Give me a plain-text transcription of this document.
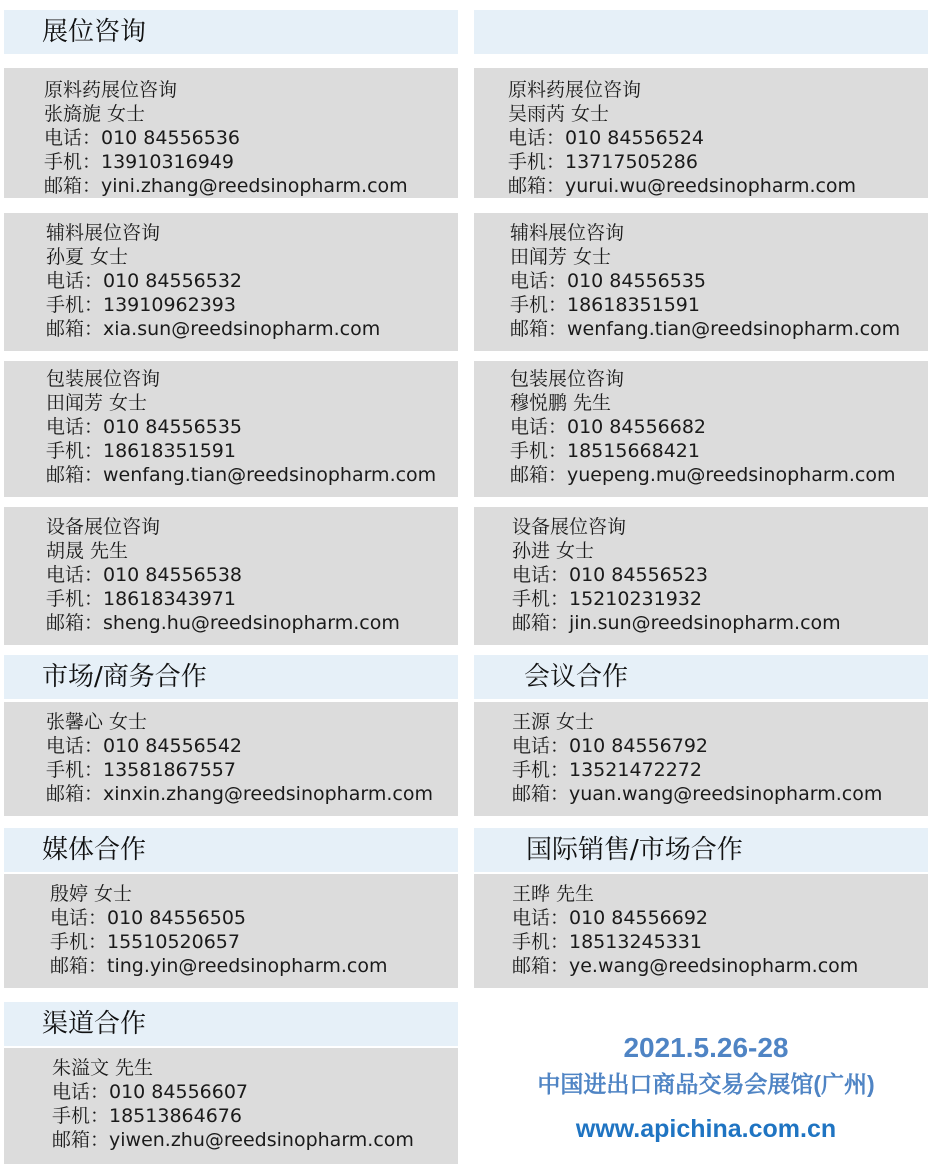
展位咨询
原料药展位咨询
张旖旎 女士
电话：010 84556536
手机：13910316949
邮箱：yini.zhang@reedsinopharm.com
辅料展位咨询
孙夏 女士
电话：010 84556532
手机：13910962393
邮箱：xia.sun@reedsinopharm.com
包装展位咨询
田闻芳 女士
电话：010 84556535
手机：18618351591
邮箱：wenfang.tian@reedsinopharm.com
设备展位咨询
胡晟 先生
电话：010 84556538
手机：18618343971
邮箱：sheng.hu@reedsinopharm.com
原料药展位咨询
吴雨芮 女士
电话：010 84556524
手机：13717505286
邮箱：yurui.wu@reedsinopharm.com
辅料展位咨询
田闻芳 女士
电话：010 84556535
手机：18618351591
邮箱：wenfang.tian@reedsinopharm.com
包装展位咨询
穆悦鹏 先生
电话：010 84556682
手机：18515668421
邮箱：yuepeng.mu@reedsinopharm.com
设备展位咨询
孙进 女士
电话：010 84556523
手机：15210231932
邮箱：jin.sun@reedsinopharm.com
市场/商务合作	会议合作
张馨心 女士
电话：010 84556542
手机：13581867557
邮箱：xinxin.zhang@reedsinopharm.com
王源 女士
电话：010 84556792
手机：13521472272
邮箱：yuan.wang@reedsinopharm.com
媒体合作	国际销售/市场合作
殷婷 女士
电话：010 84556505
手机：15510520657
邮箱：ting.yin@reedsinopharm.com
王晔 先生
电话：010 84556692
手机：18513245331
邮箱：ye.wang@reedsinopharm.com
渠道合作
朱溢文 先生
电话：010 84556607
手机：18513864676
邮箱：yiwen.zhu@reedsinopharm.com
2021.5.26-28
中国进出口商品交易会展馆(广州)
www.apichina.com.cn
